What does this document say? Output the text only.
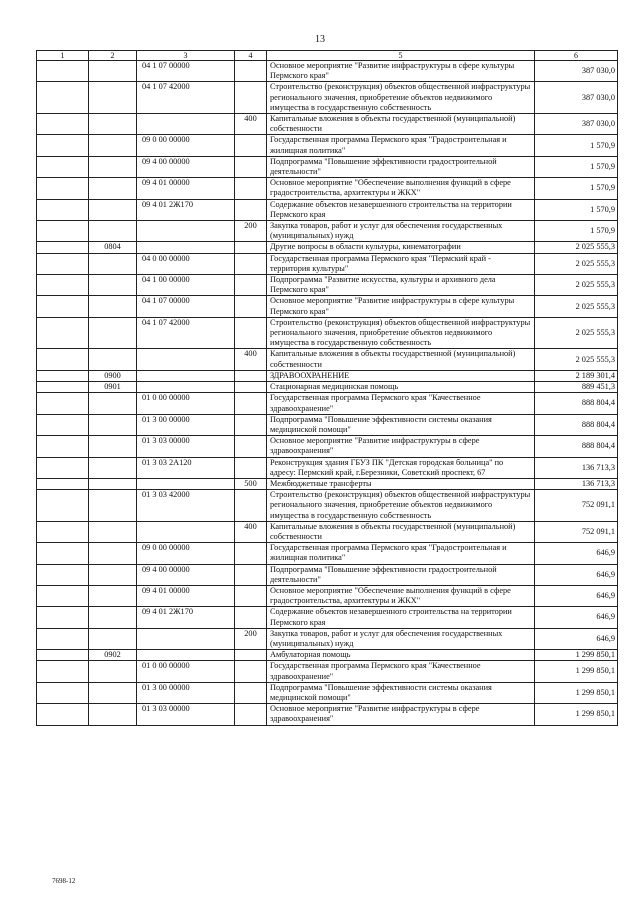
13
1	2	3	4	5	6
		04 1 07 00000		Основное мероприятие "Развитие инфраструктуры в сфере культуры Пермского края"	387 030,0
		04 1 07 42000		Строительство (реконструкция) объектов общественной инфраструктуры регионального значения, приобретение объектов недвижимого имущества в государственную собственность	387 030,0
			400	Капитальные вложения в объекты государственной (муниципальной) собственности	387 030,0
		09 0 00 00000		Государственная программа Пермского края "Градостроительная и жилищная политика"	1 570,9
		09 4 00 00000		Подпрограмма "Повышение эффективности градостроительной деятельности"	1 570,9
		09 4 01 00000		Основное мероприятие "Обеспечение выполнения функций в сфере градостроительства, архитектуры и ЖКХ"	1 570,9
		09 4 01 2Ж170		Содержание объектов незавершенного строительства на территории Пермского края	1 570,9
			200	Закупка товаров, работ и услуг для обеспечения государственных (муниципальных) нужд	1 570,9
	0804			Другие вопросы в области культуры, кинематографии	2 025 555,3
		04 0 00 00000		Государственная программа Пермского края "Пермский край - территория культуры"	2 025 555,3
		04 1 00 00000		Подпрограмма "Развитие искусства, культуры и архивного дела Пермского края"	2 025 555,3
		04 1 07 00000		Основное мероприятие "Развитие инфраструктуры в сфере культуры Пермского края"	2 025 555,3
		04 1 07 42000		Строительство (реконструкция) объектов общественной инфраструктуры регионального значения, приобретение объектов недвижимого имущества в государственную собственность	2 025 555,3
			400	Капитальные вложения в объекты государственной (муниципальной) собственности	2 025 555,3
	0900			ЗДРАВООХРАНЕНИЕ	2 189 301,4
	0901			Стационарная медицинская помощь	889 451,3
		01 0 00 00000		Государственная программа Пермского края "Качественное здравоохранение"	888 804,4
		01 3 00 00000		Подпрограмма "Повышение эффективности системы оказания медицинской помощи"	888 804,4
		01 3 03 00000		Основное мероприятие "Развитие инфраструктуры в сфере здравоохранения"	888 804,4
		01 3 03 2А120		Реконструкция здания ГБУЗ ПК "Детская городская больница" по адресу: Пермский край, г.Березники, Советский проспект, 67	136 713,3
			500	Межбюджетные трансферты	136 713,3
		01 3 03 42000		Строительство (реконструкция) объектов общественной инфраструктуры регионального значения, приобретение объектов недвижимого имущества в государственную собственность	752 091,1
			400	Капитальные вложения в объекты государственной (муниципальной) собственности	752 091,1
		09 0 00 00000		Государственная программа Пермского края "Градостроительная и жилищная политика"	646,9
		09 4 00 00000		Подпрограмма "Повышение эффективности градостроительной деятельности"	646,9
		09 4 01 00000		Основное мероприятие "Обеспечение выполнения функций в сфере градостроительства, архитектуры и ЖКХ"	646,9
		09 4 01 2Ж170		Содержание объектов незавершенного строительства на территории Пермского края	646,9
			200	Закупка товаров, работ и услуг для обеспечения государственных (муниципальных) нужд	646,9
	0902			Амбулаторная помощь	1 299 850,1
		01 0 00 00000		Государственная программа Пермского края "Качественное здравоохранение"	1 299 850,1
		01 3 00 00000		Подпрограмма "Повышение эффективности системы оказания медицинской помощи"	1 299 850,1
		01 3 03 00000		Основное мероприятие "Развитие инфраструктуры в сфере здравоохранения"	1 299 850,1
7698-12
